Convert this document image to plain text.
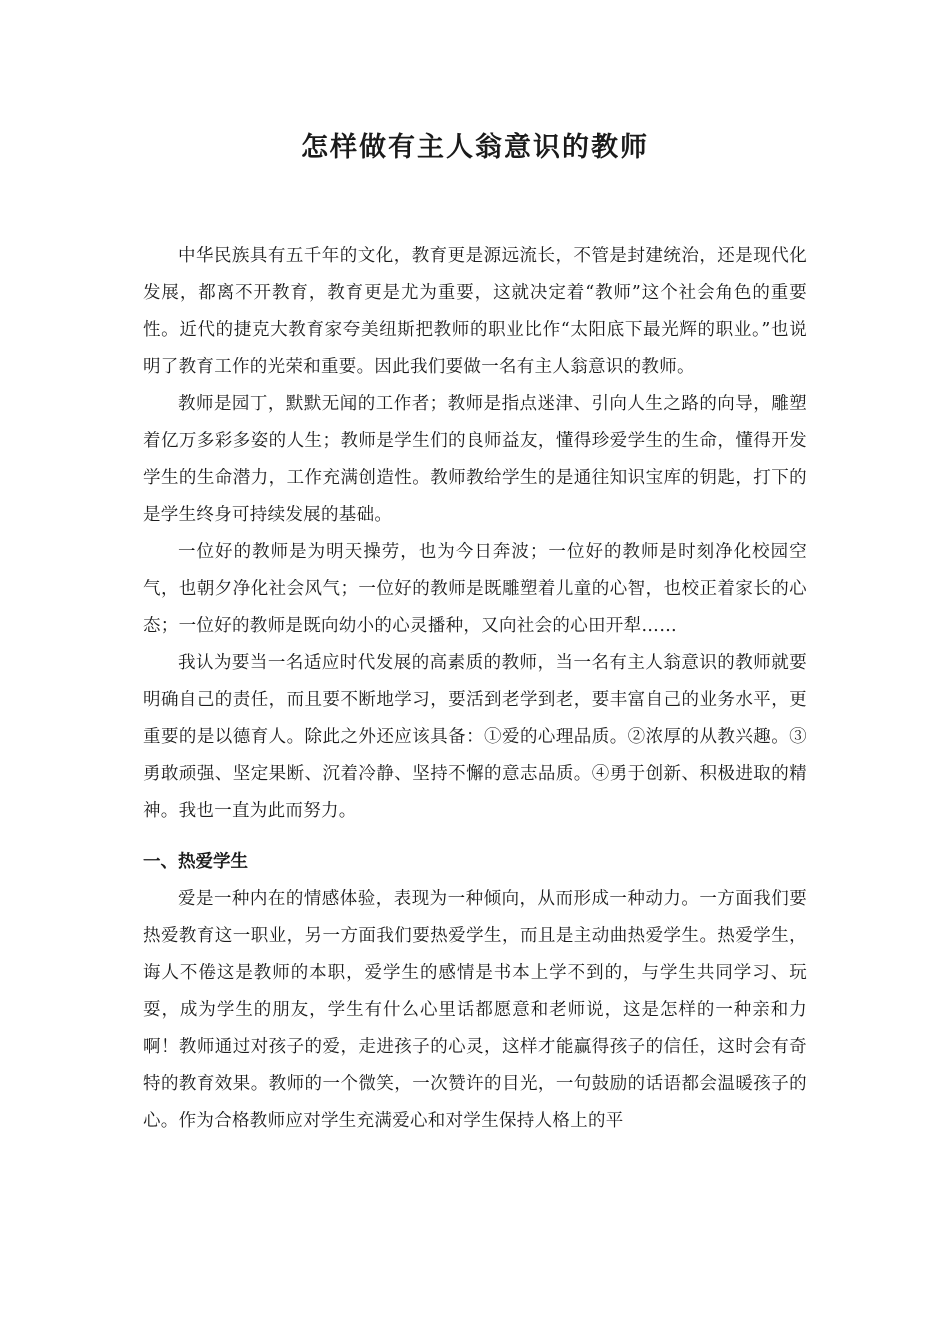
怎样做有主人翁意识的教师

中华民族具有五千年的文化，教育更是源远流长，不管是封建统治，还是现代化发展，都离不开教育，教育更是尤为重要，这就决定着“教师”这个社会角色的重要性。近代的捷克大教育家夸美纽斯把教师的职业比作“太阳底下最光辉的职业。”也说明了教育工作的光荣和重要。因此我们要做一名有主人翁意识的教师。

教师是园丁，默默无闻的工作者；教师是指点迷津、引向人生之路的向导，雕塑着亿万多彩多姿的人生；教师是学生们的良师益友，懂得珍爱学生的生命，懂得开发学生的生命潜力，工作充满创造性。教师教给学生的是通往知识宝库的钥匙，打下的是学生终身可持续发展的基础。

一位好的教师是为明天操劳，也为今日奔波；一位好的教师是时刻净化校园空气，也朝夕净化社会风气；一位好的教师是既雕塑着儿童的心智，也校正着家长的心态；一位好的教师是既向幼小的心灵播种，又向社会的心田开犁……

我认为要当一名适应时代发展的高素质的教师，当一名有主人翁意识的教师就要明确自己的责任，而且要不断地学习，要活到老学到老，要丰富自己的业务水平，更重要的是以德育人。除此之外还应该具备：①爱的心理品质。②浓厚的从教兴趣。③勇敢顽强、坚定果断、沉着冷静、坚持不懈的意志品质。④勇于创新、积极进取的精神。我也一直为此而努力。

一、热爱学生

爱是一种内在的情感体验，表现为一种倾向，从而形成一种动力。一方面我们要热爱教育这一职业，另一方面我们要热爱学生，而且是主动曲热爱学生。热爱学生，诲人不倦这是教师的本职，爱学生的感情是书本上学不到的，与学生共同学习、玩耍，成为学生的朋友，学生有什么心里话都愿意和老师说，这是怎样的一种亲和力啊！教师通过对孩子的爱，走进孩子的心灵，这样才能赢得孩子的信任，这时会有奇特的教育效果。教师的一个微笑，一次赞许的目光，一句鼓励的话语都会温暖孩子的心。作为合格教师应对学生充满爱心和对学生保持人格上的平
